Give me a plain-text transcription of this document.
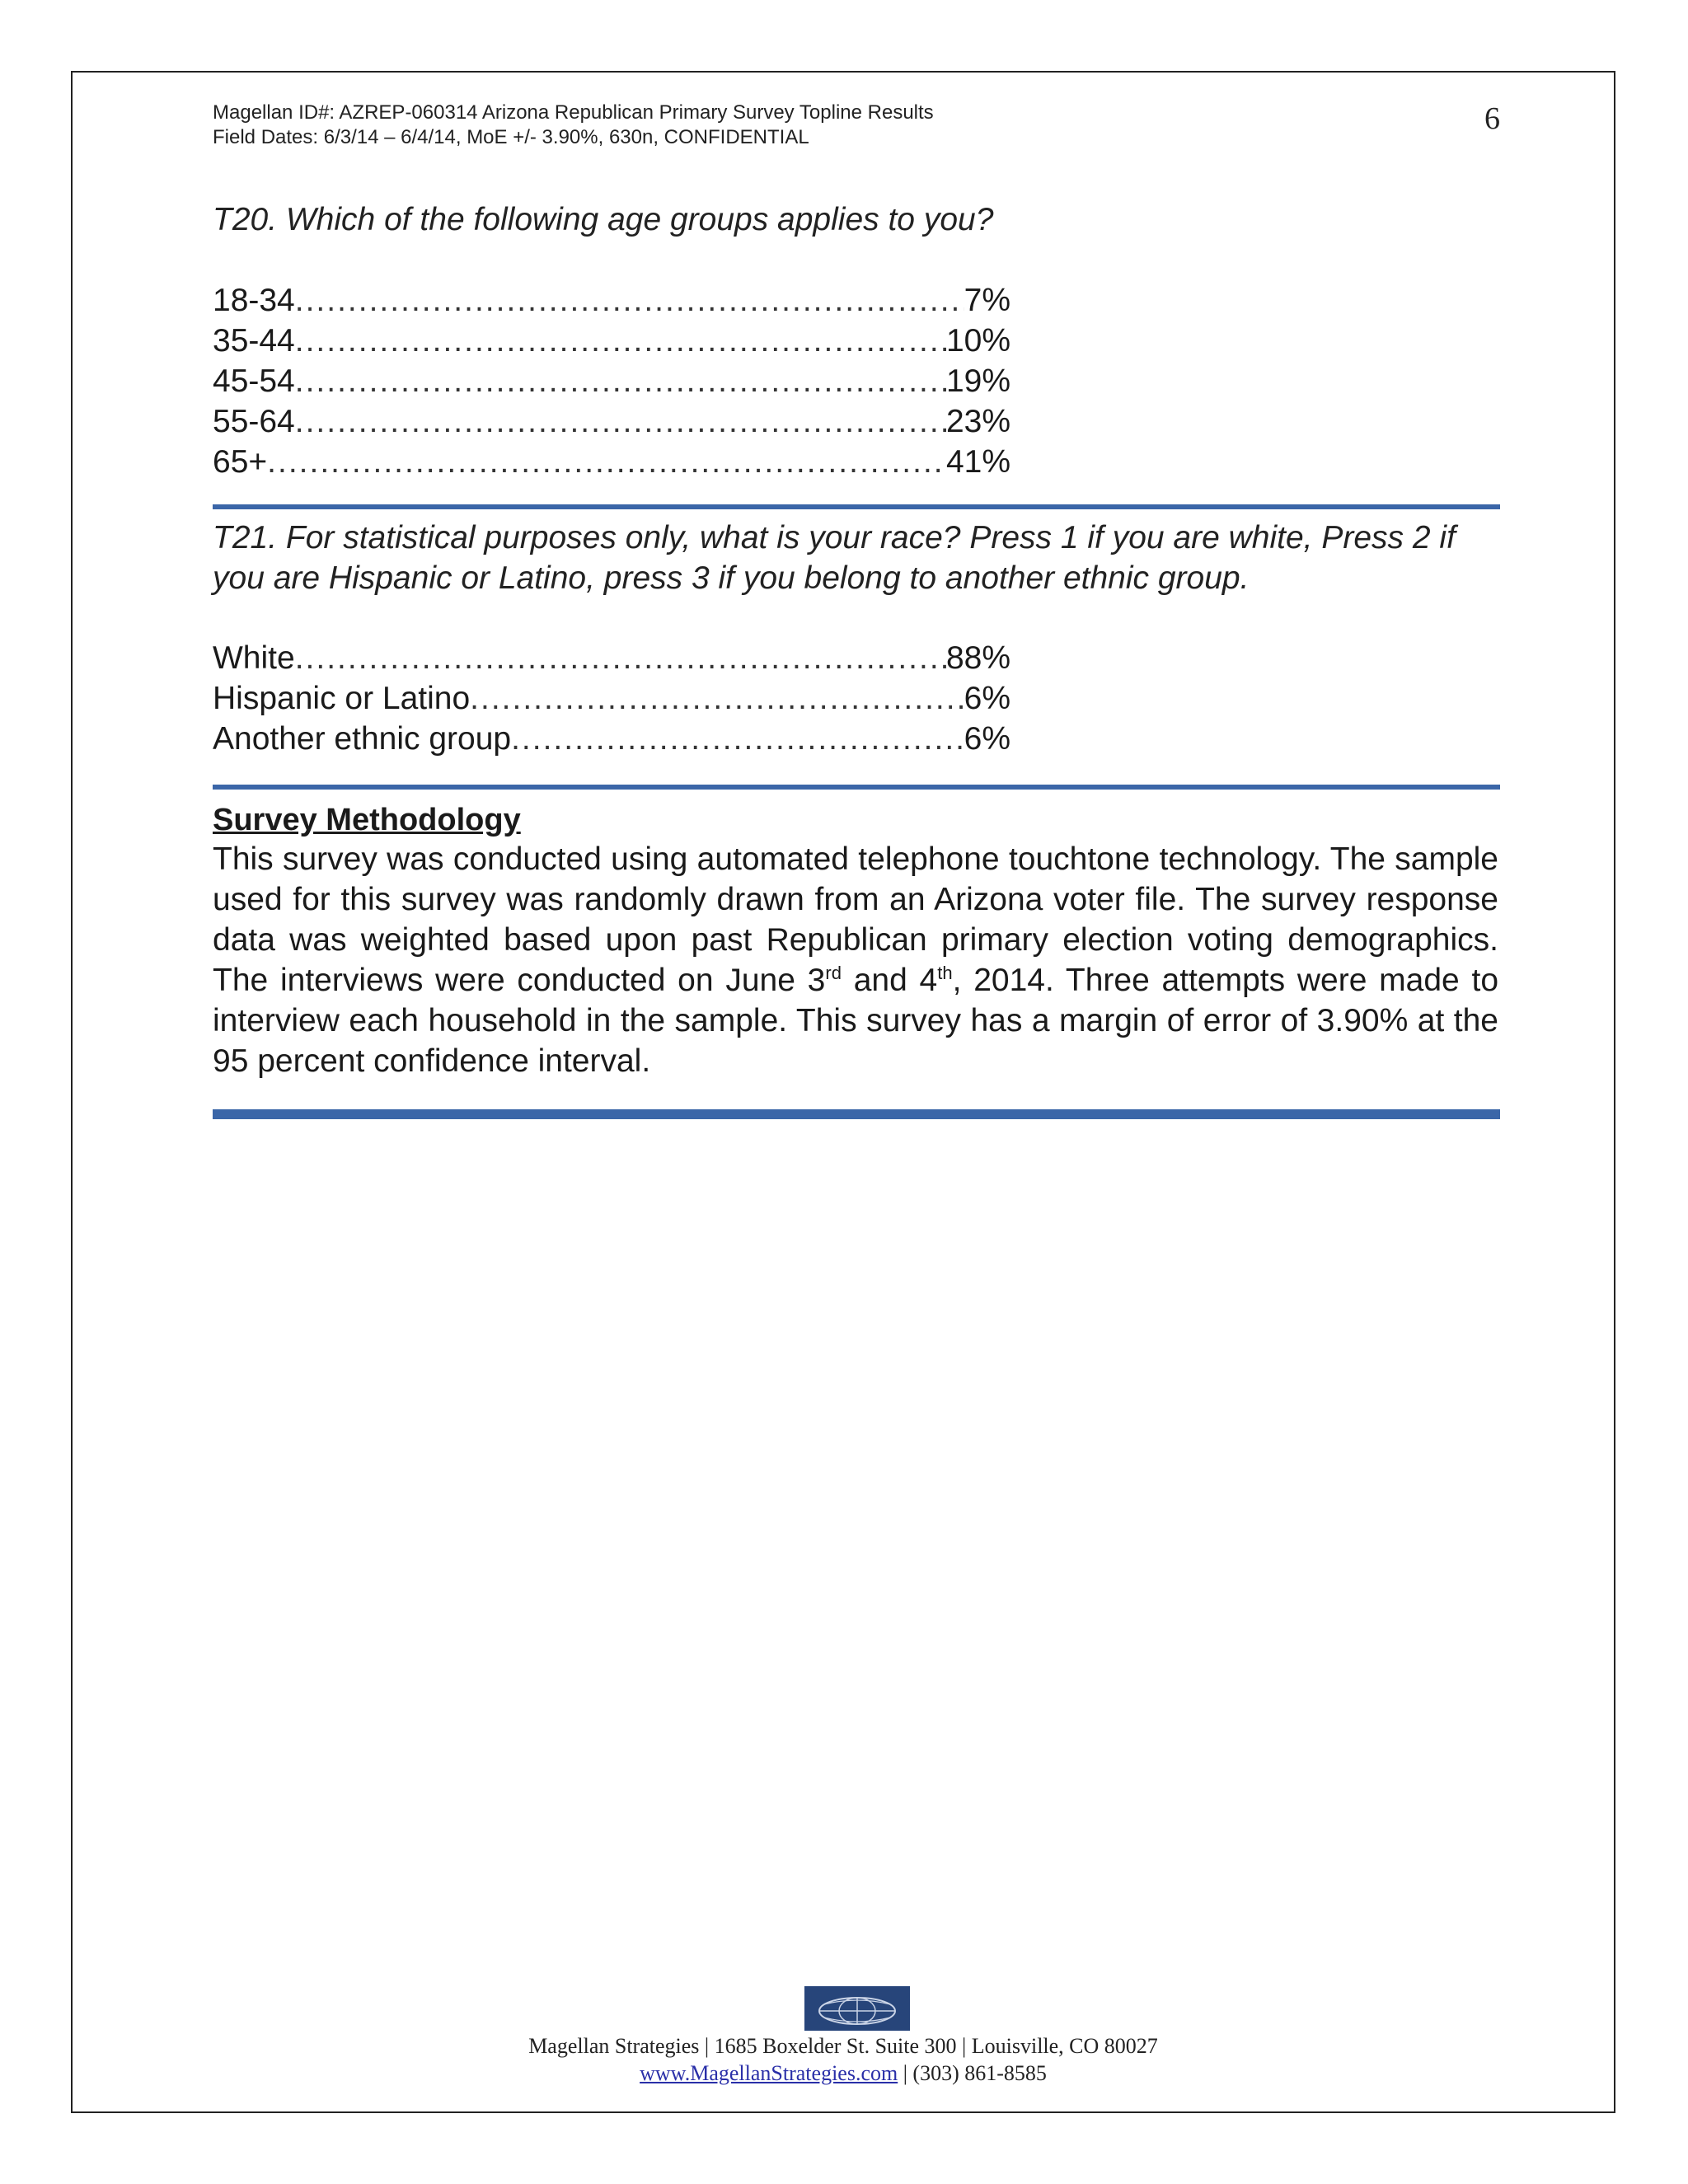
Magellan ID#: AZREP-060314 Arizona Republican Primary Survey Topline Results
Field Dates: 6/3/14 – 6/4/14, MoE +/- 3.90%, 630n, CONFIDENTIAL
6
T20. Which of the following age groups applies to you?
18-34 .....	7%
35-44 .....	10%
45-54 .....	19%
55-64 .....	23%
65+ .....	41%
T21. For statistical purposes only, what is your race? Press 1 if you are white, Press 2 if
you are Hispanic or Latino, press 3 if you belong to another ethnic group.
White .....	88%
Hispanic or Latino .....	6%
Another ethnic group .....	6%
Survey Methodology
This survey was conducted using automated telephone touchtone technology. The sample used for this survey was randomly drawn from an Arizona voter file. The survey response data was weighted based upon past Republican primary election voting demographics. The interviews were conducted on June 3rd and 4th, 2014. Three attempts were made to interview each household in the sample. This survey has a margin of error of 3.90% at the 95 percent confidence interval.
Magellan Strategies | 1685 Boxelder St. Suite 300 | Louisville, CO 80027
www.MagellanStrategies.com | (303) 861-8585
